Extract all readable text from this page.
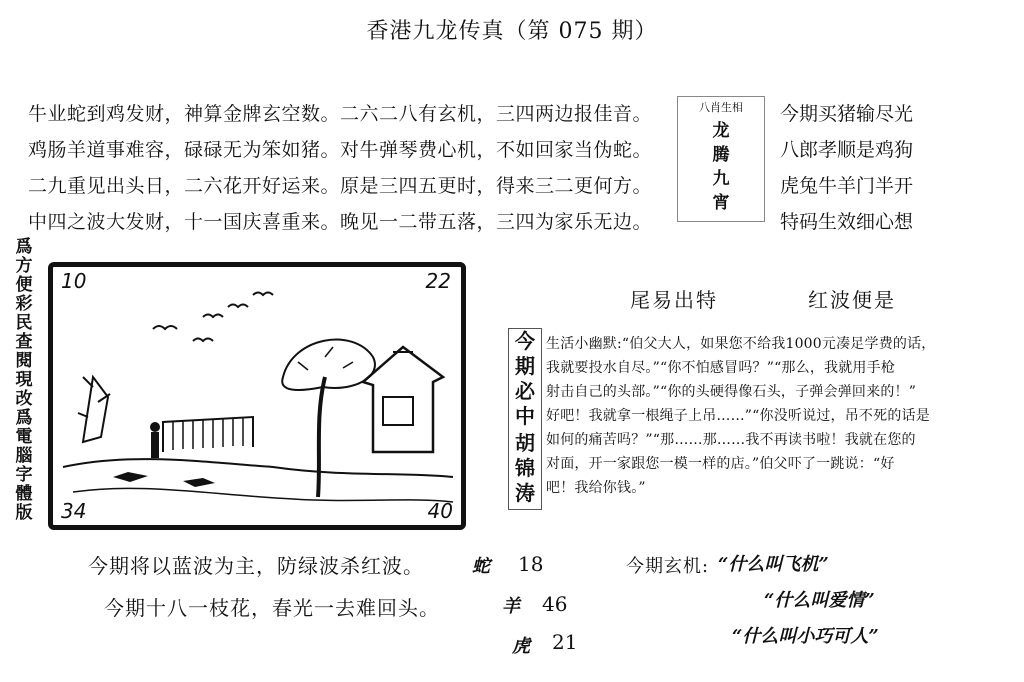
香港九龙传真（第 075 期）
牛业蛇到鸡发财，神算金牌玄空数。二六二八有玄机，三四两边报佳音。
鸡肠羊道事难容，碌碌无为笨如猪。对牛弹琴费心机，不如回家当伪蛇。
二九重见出头日，二六花开好运来。原是三四五更时，得来三二更何方。
中四之波大发财，十一国庆喜重来。晚见一二带五落，三四为家乐无边。
八肖生相
龙
腾
九
宵
今期买猪输尽光
八郎孝顺是鸡狗
虎兔牛羊门半开
特码生效细心想
爲
方
便
彩
民
查
閱
現
改
爲
電
腦
字
體
版
10	22
34	40
尾易出特	红波便是
今
期
必
中
胡
锦
涛
生活小幽默:“伯父大人，如果您不给我1000元凑足学费的话，
我就要投水自尽。”“你不怕感冒吗？”“那么，我就用手枪
射击自己的头部。”“你的头硬得像石头，子弹会弹回来的！”
好吧！我就拿一根绳子上吊……”“你没听说过，吊不死的话是
如何的痛苦吗？”“那……那……我不再读书啦！我就在您的
对面，开一家跟您一模一样的店。”伯父吓了一跳说：“好
吧！我给你钱。”
今期将以蓝波为主，防绿波杀红波。	蛇 18
今期十八一枝花，春光一去难回头。	羊 46
虎 21
今期玄机: “什么叫飞机”
“什么叫爱情”
“什么叫小巧可人”
